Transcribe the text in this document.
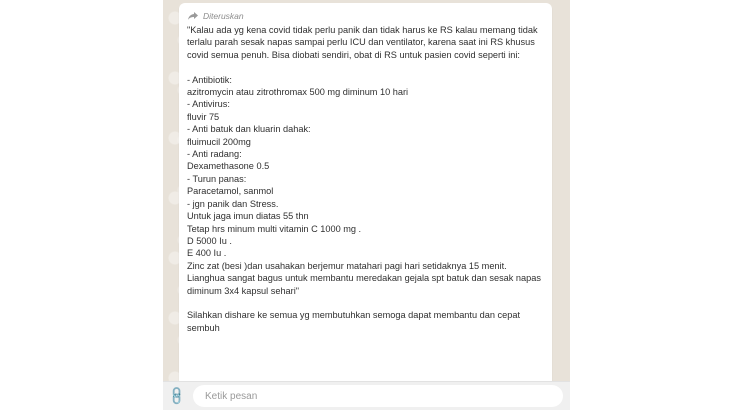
Diteruskan

"Kalau ada yg kena covid tidak perlu panik dan tidak harus ke RS kalau memang tidak terlalu parah sesak napas sampai perlu ICU dan ventilator, karena saat ini RS khusus covid semua penuh. Bisa diobati sendiri, obat di RS untuk pasien covid seperti ini:

- Antibiotik:
azitromycin atau zitrothromax 500 mg diminum 10 hari
- Antivirus:
fluvir 75
- Anti batuk dan kluarin dahak:
fluimucil 200mg
- Anti radang:
Dexamethasone 0.5
- Turun panas:
Paracetamol, sanmol
- jgn panik dan Stress.
Untuk jaga imun diatas 55 thn
Tetap hrs minum multi vitamin C 1000 mg .
D 5000 Iu .
E 400 Iu .
Zinc zat (besi )dan usahakan berjemur matahari pagi hari setidaknya 15 menit.
Lianghua sangat bagus untuk membantu meredakan gejala spt batuk dan sesak napas diminum 3x4 kapsul sehari"

Silahkan dishare ke semua yg membutuhkan semoga dapat membantu dan cepat sembuh

🔗
Ketik pesan
